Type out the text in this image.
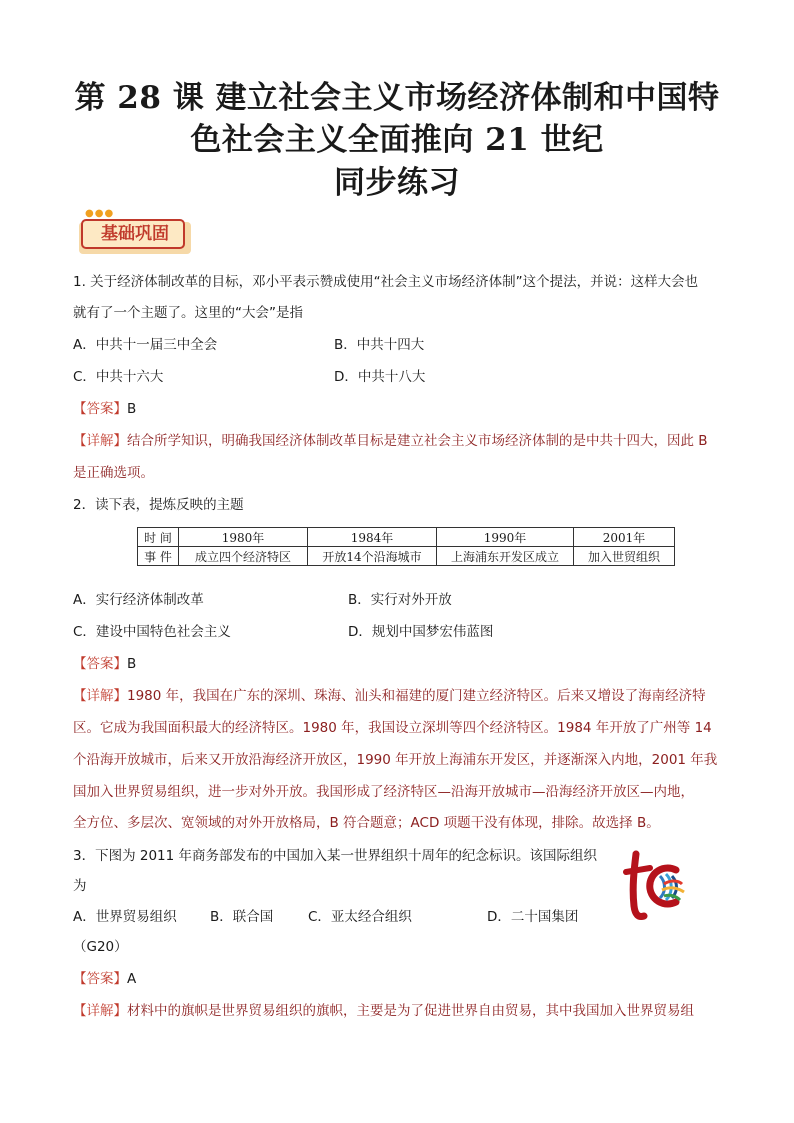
第 28 课 建立社会主义市场经济体制和中国特
色社会主义全面推向 21 世纪
同步练习
基础巩固
●●●
1. 关于经济体制改革的目标，邓小平表示赞成使用“社会主义市场经济体制”这个提法，并说：这样大会也
就有了一个主题了。这里的“大会”是指
A．中共十一届三中全会	B．中共十四大
C．中共十六大	D．中共十八大
【答案】B
【详解】结合所学知识，明确我国经济体制改革目标是建立社会主义市场经济体制的是中共十四大，因此 B
是正确选项。
2．读下表，提炼反映的主题
时 间	1980年	1984年	1990年	2001年
事 件	成立四个经济特区	开放14个沿海城市	上海浦东开发区成立	加入世贸组织
A．实行经济体制改革	B．实行对外开放
C．建设中国特色社会主义	D．规划中国梦宏伟蓝图
【答案】B
【详解】1980 年，我国在广东的深圳、珠海、汕头和福建的厦门建立经济特区。后来又增设了海南经济特
区。它成为我国面积最大的经济特区。1980 年，我国设立深圳等四个经济特区。1984 年开放了广州等 14
个沿海开放城市，后来又开放沿海经济开放区，1990 年开放上海浦东开发区，并逐渐深入内地，2001 年我
国加入世界贸易组织，进一步对外开放。我国形成了经济特区—沿海开放城市—沿海经济开放区—内地，
全方位、多层次、宽领域的对外开放格局，B 符合题意；ACD 项题干没有体现，排除。故选择 B。
3．下图为 2011 年商务部发布的中国加入某一世界组织十周年的纪念标识。该国际组织
为
A．世界贸易组织 B．联合国	C．亚太经合组织	D．二十国集团
（G20）
【答案】A
【详解】材料中的旗帜是世界贸易组织的旗帜，主要是为了促进世界自由贸易，其中我国加入世界贸易组
